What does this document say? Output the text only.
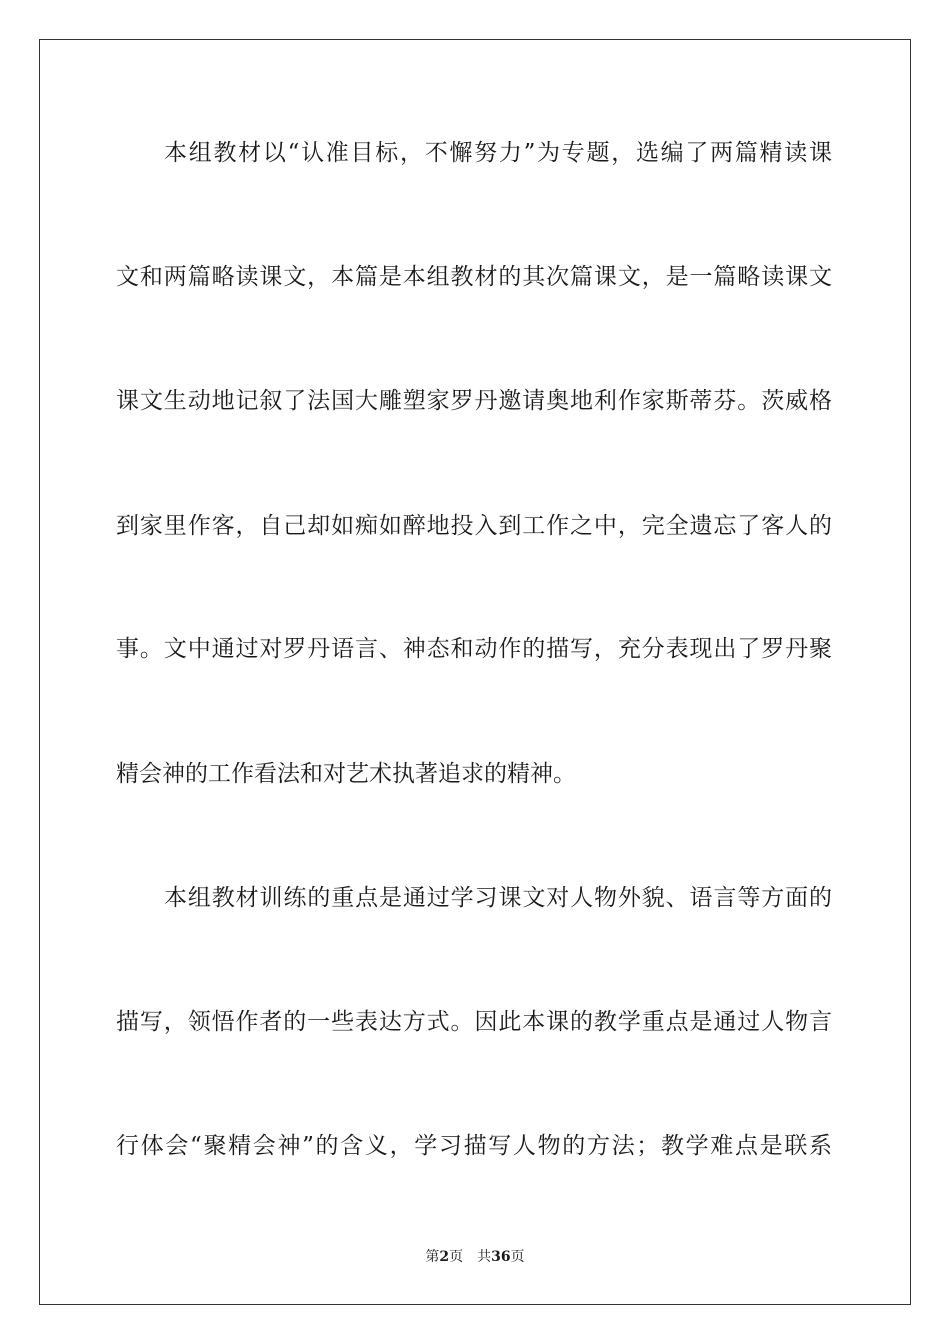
本组教材以“认准目标，不懈努力”为专题，选编了两篇精读课
文和两篇略读课文，本篇是本组教材的其次篇课文，是一篇略读课文
课文生动地记叙了法国大雕塑家罗丹邀请奥地利作家斯蒂芬。茨威格
到家里作客，自己却如痴如醉地投入到工作之中，完全遗忘了客人的
事。文中通过对罗丹语言、神态和动作的描写，充分表现出了罗丹聚
精会神的工作看法和对艺术执著追求的精神。
本组教材训练的重点是通过学习课文对人物外貌、语言等方面的
描写，领悟作者的一些表达方式。因此本课的教学重点是通过人物言
行体会“聚精会神”的含义，学习描写人物的方法；教学难点是联系
第2页 共36页
